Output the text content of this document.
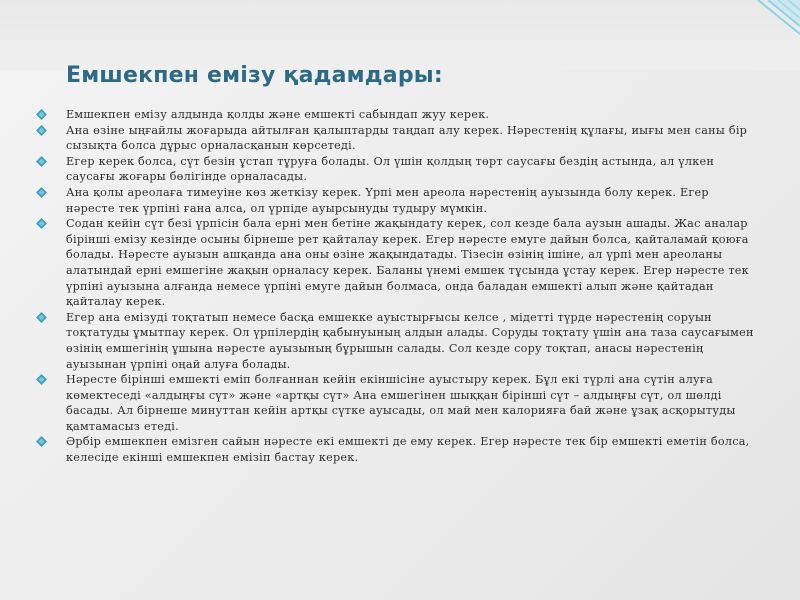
Емшекпен емізу қадамдары:
Емшекпен емізу алдында қолды және емшекті сабындап жуу керек.
Ана өзіне ыңғайлы жоғарыда айтылған қалыптарды таңдап алу керек. Нәрестенің құлағы, иығы мен саны бір сызықта болса дұрыс орналасқанын көрсетеді.
Егер керек болса, сүт безін ұстап тұруға болады. Ол үшін қолдың төрт саусағы бездің астында, ал үлкен саусағы жоғары бөлігінде орналасады.
Ана қолы ареолаға тимеуіне көз жеткізу керек. Үрпі мен ареола нәрестенің ауызында болу керек. Егер нәресте тек үрпіні ғана алса, ол үрпіде ауырсынуды тудыру мүмкін.
Содан кейін сүт безі үрпісін бала ерні мен бетіне жақындату керек, сол кезде бала аузын ашады. Жас аналар бірінші емізу кезінде осыны бірнеше рет қайталау керек. Егер нәресте емуге дайын болса, қайталамай қоюға болады. Нәресте ауызын ашқанда ана оны өзіне жақындатады. Тізесін өзінің ішіне, ал үрпі мен ареоланы алатындай ерні емшегіне жақын орналасу керек. Баланы үнемі емшек тұсында ұстау керек. Егер нәресте тек үрпіні ауызына алғанда немесе үрпіні емуге дайын болмаса, онда баладан емшекті алып және қайтадан қайталау керек.
Егер ана емізуді тоқтатып немесе басқа емшекке ауыстырғысы келсе , мідетті түрде нәрестенің соруын тоқтатуды ұмытпау керек. Ол үрпілердің қабынуының алдын алады. Соруды тоқтату үшін ана таза саусағымен өзінің емшегінің ұшына нәресте ауызының бұрышын салады. Сол кезде сору тоқтап, анасы нәрестенің ауызынан үрпіні оңай алуға болады.
Нәресте бірінші емшекті еміп болғаннан кейін екіншісіне ауыстыру керек. Бұл екі түрлі ана сүтін алуға көмектеседі «алдыңғы сүт» және «артқы сүт» Ана емшегінен шыққан бірінші сүт – алдыңғы сүт, ол шөлді басады. Ал бірнеше минуттан кейін артқы сүтке ауысады, ол май мен калорияға бай және ұзақ асқорытуды қамтамасыз етеді.
Әрбір емшекпен емізген сайын нәресте екі емшекті де ему керек. Егер нәресте тек бір емшекті еметін болса, келесіде екінші емшекпен емізіп бастау керек.
